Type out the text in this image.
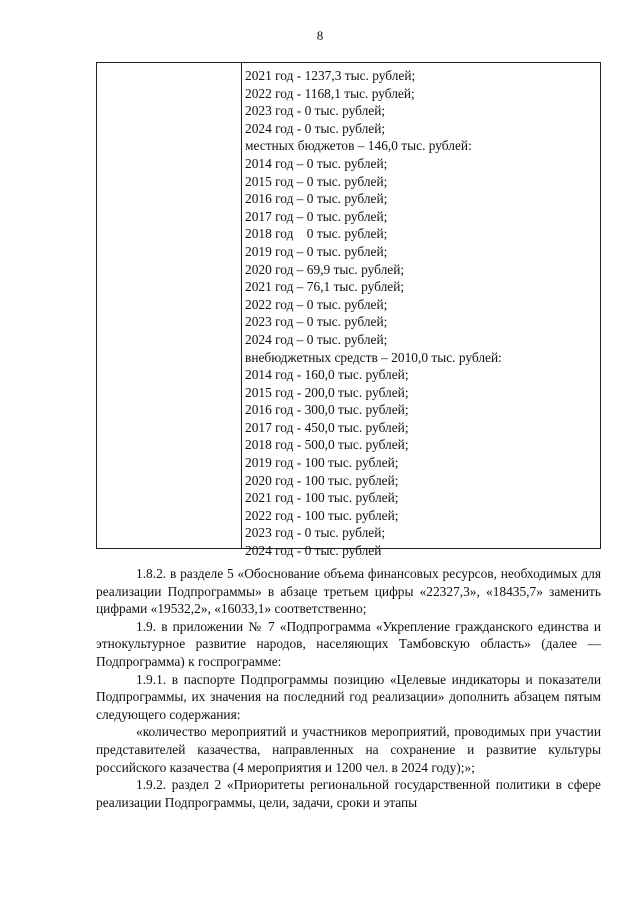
8
2021 год - 1237,3 тыс. рублей;
2022 год - 1168,1 тыс. рублей;
2023 год - 0 тыс. рублей;
2024 год - 0 тыс. рублей;
местных бюджетов – 146,0 тыс. рублей:
2014 год – 0 тыс. рублей;
2015 год – 0 тыс. рублей;
2016 год – 0 тыс. рублей;
2017 год – 0 тыс. рублей;
2018 год    0 тыс. рублей;
2019 год – 0 тыс. рублей;
2020 год – 69,9 тыс. рублей;
2021 год – 76,1 тыс. рублей;
2022 год – 0 тыс. рублей;
2023 год – 0 тыс. рублей;
2024 год – 0 тыс. рублей;
внебюджетных средств – 2010,0 тыс. рублей:
2014 год - 160,0 тыс. рублей;
2015 год - 200,0 тыс. рублей;
2016 год - 300,0 тыс. рублей;
2017 год - 450,0 тыс. рублей;
2018 год - 500,0 тыс. рублей;
2019 год - 100 тыс. рублей;
2020 год - 100 тыс. рублей;
2021 год - 100 тыс. рублей;
2022 год - 100 тыс. рублей;
2023 год - 0 тыс. рублей;
2024 год - 0 тыс. рублей

1.8.2. в разделе 5 «Обоснование объема финансовых ресурсов, необходимых для реализации Подпрограммы» в абзаце третьем цифры «22327,3», «18435,7» заменить цифрами «19532,2», «16033,1» соответственно;

1.9. в приложении № 7 «Подпрограмма «Укрепление гражданского единства и этнокультурное развитие народов, населяющих Тамбовскую область» (далее — Подпрограмма) к госпрограмме:

1.9.1. в паспорте Подпрограммы позицию «Целевые индикаторы и показатели Подпрограммы, их значения на последний год реализации» дополнить абзацем пятым следующего содержания:

«количество мероприятий и участников мероприятий, проводимых при участии представителей казачества, направленных на сохранение и развитие культуры российского казачества (4 мероприятия и 1200 чел. в 2024 году);»;

1.9.2. раздел 2 «Приоритеты региональной государственной политики в сфере реализации Подпрограммы, цели, задачи, сроки и этапы
